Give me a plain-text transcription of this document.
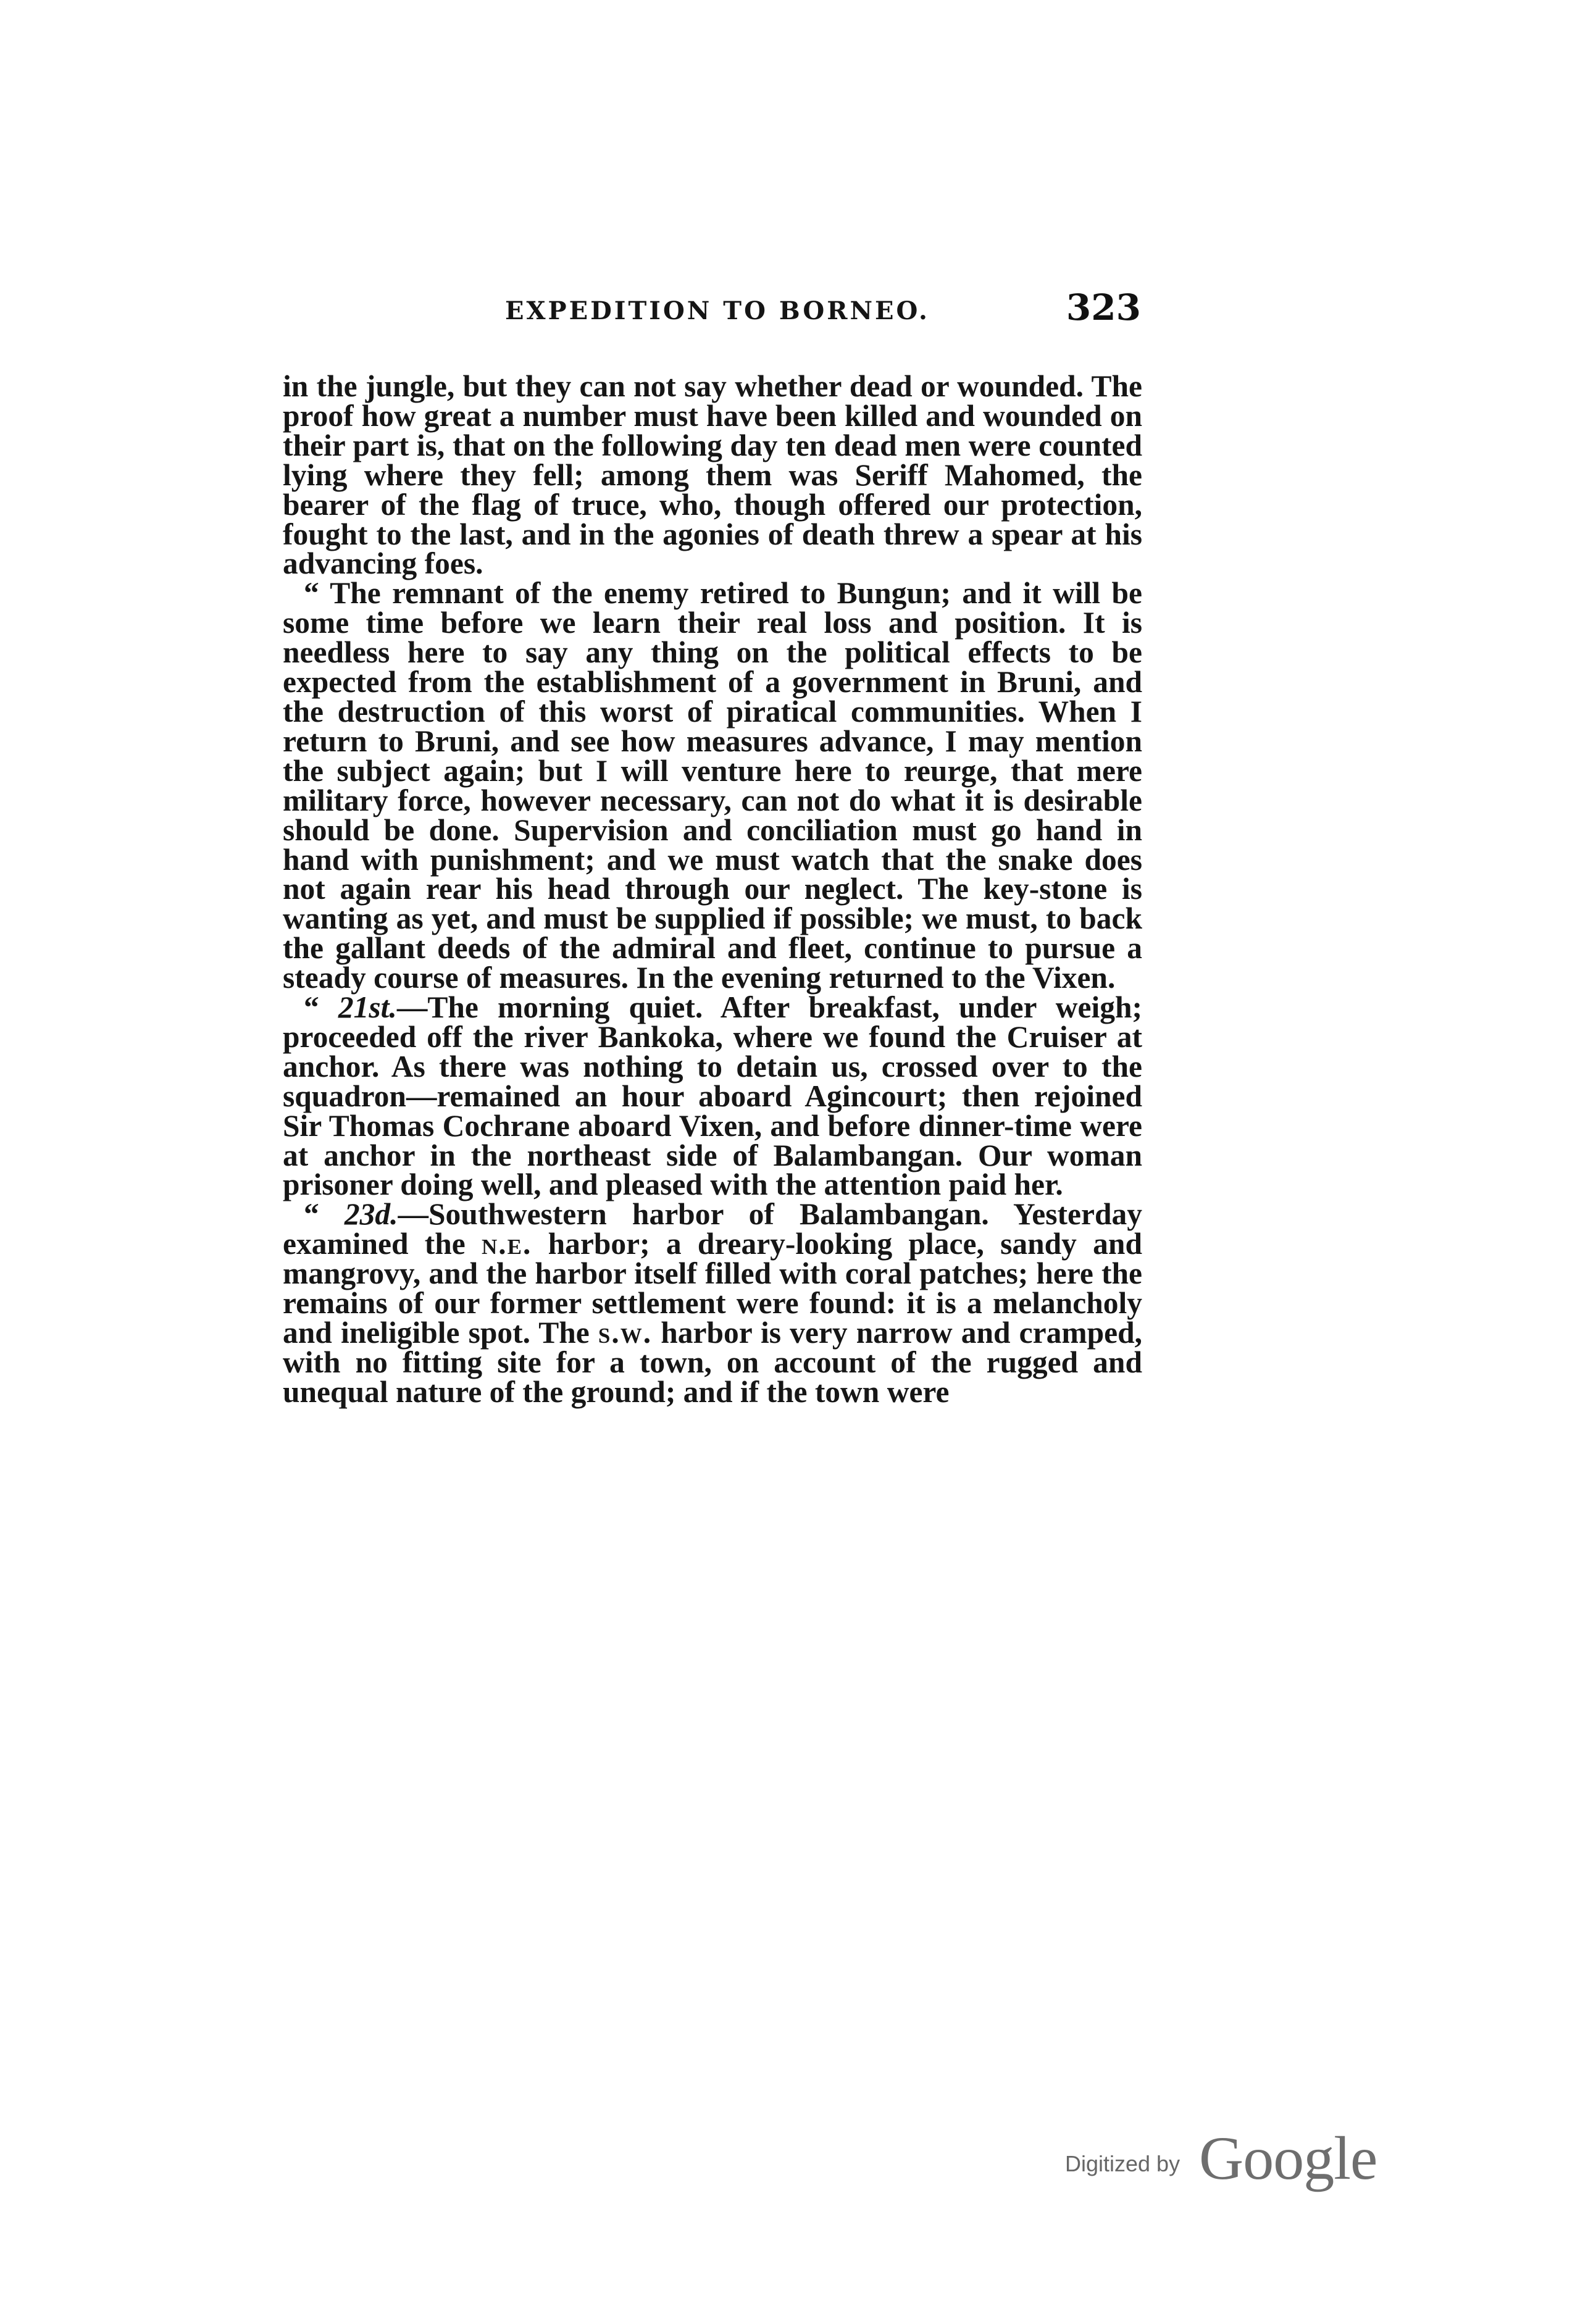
EXPEDITION TO BORNEO.	323

in the jungle, but they can not say whether dead or wounded. The proof how great a number must have been killed and wounded on their part is, that on the following day ten dead men were counted lying where they fell; among them was Seriff Mahomed, the bearer of the flag of truce, who, though offered our protection, fought to the last, and in the agonies of death threw a spear at his advancing foes.

“ The remnant of the enemy retired to Bungun; and it will be some time before we learn their real loss and position. It is needless here to say any thing on the political effects to be expected from the establishment of a government in Bruni, and the destruction of this worst of piratical communities. When I return to Bruni, and see how measures advance, I may mention the subject again; but I will venture here to reurge, that mere military force, however necessary, can not do what it is desirable should be done. Supervision and conciliation must go hand in hand with punishment; and we must watch that the snake does not again rear his head through our neglect. The key-stone is wanting as yet, and must be supplied if possible; we must, to back the gallant deeds of the admiral and fleet, continue to pursue a steady course of measures. In the evening returned to the Vixen.

“ 21st.—The morning quiet. After breakfast, under weigh; proceeded off the river Bankoka, where we found the Cruiser at anchor. As there was nothing to detain us, crossed over to the squadron—remained an hour aboard Agincourt; then rejoined Sir Thomas Cochrane aboard Vixen, and before dinner-time were at anchor in the northeast side of Balambangan. Our woman prisoner doing well, and pleased with the attention paid her.

“ 23d.—Southwestern harbor of Balambangan. Yesterday examined the n.e. harbor; a dreary-looking place, sandy and mangrovy, and the harbor itself filled with coral patches; here the remains of our former settlement were found: it is a melancholy and ineligible spot. The s.w. harbor is very narrow and cramped, with no fitting site for a town, on account of the rugged and unequal nature of the ground; and if the town were

Digitized by Google
